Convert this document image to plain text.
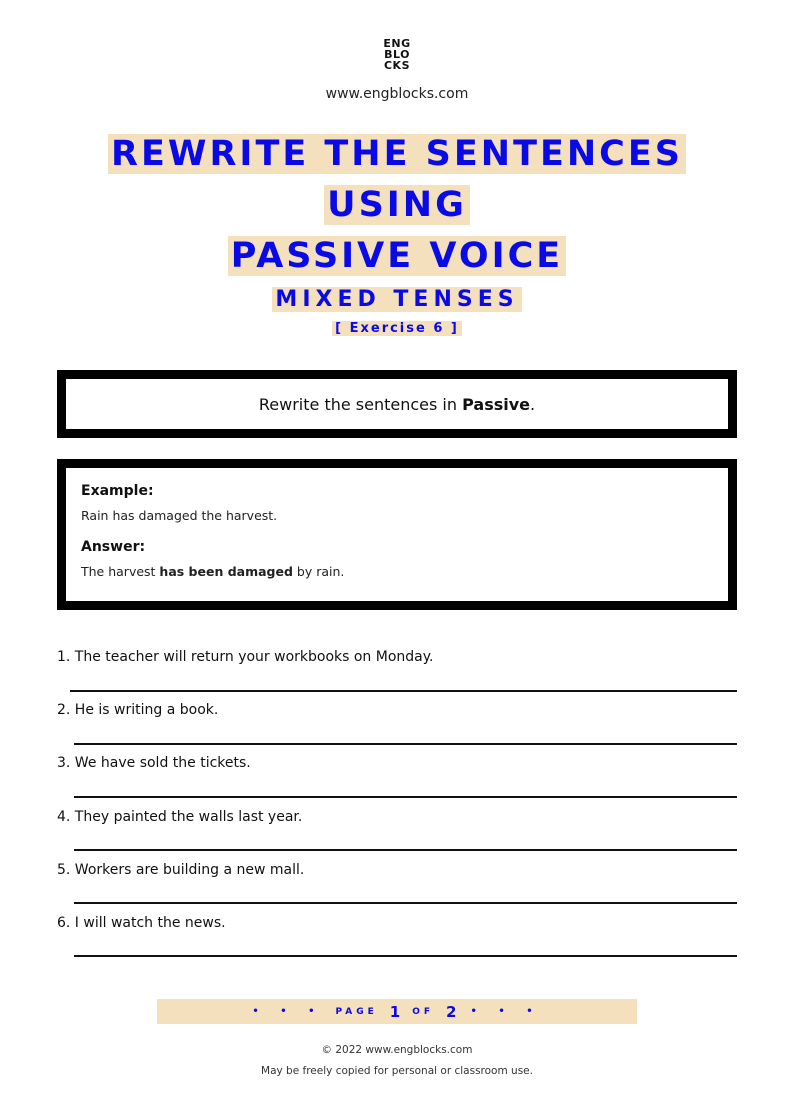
ENG
BLO
CKS
www.engblocks.com
REWRITE THE SENTENCES
USING
PASSIVE VOICE
MIXED TENSES
[ Exercise 6 ]
Rewrite the sentences in Passive.

Example:

Rain has damaged the harvest.

Answer:

The harvest has been damaged by rain.

1. The teacher will return your workbooks on Monday.
2. He is writing a book.
3. We have sold the tickets.
4. They painted the walls last year.
5. Workers are building a new mall.
6. I will watch the news.
• • • PAGE 1 OF 2 • • •
© 2022 www.engblocks.com
May be freely copied for personal or classroom use.
